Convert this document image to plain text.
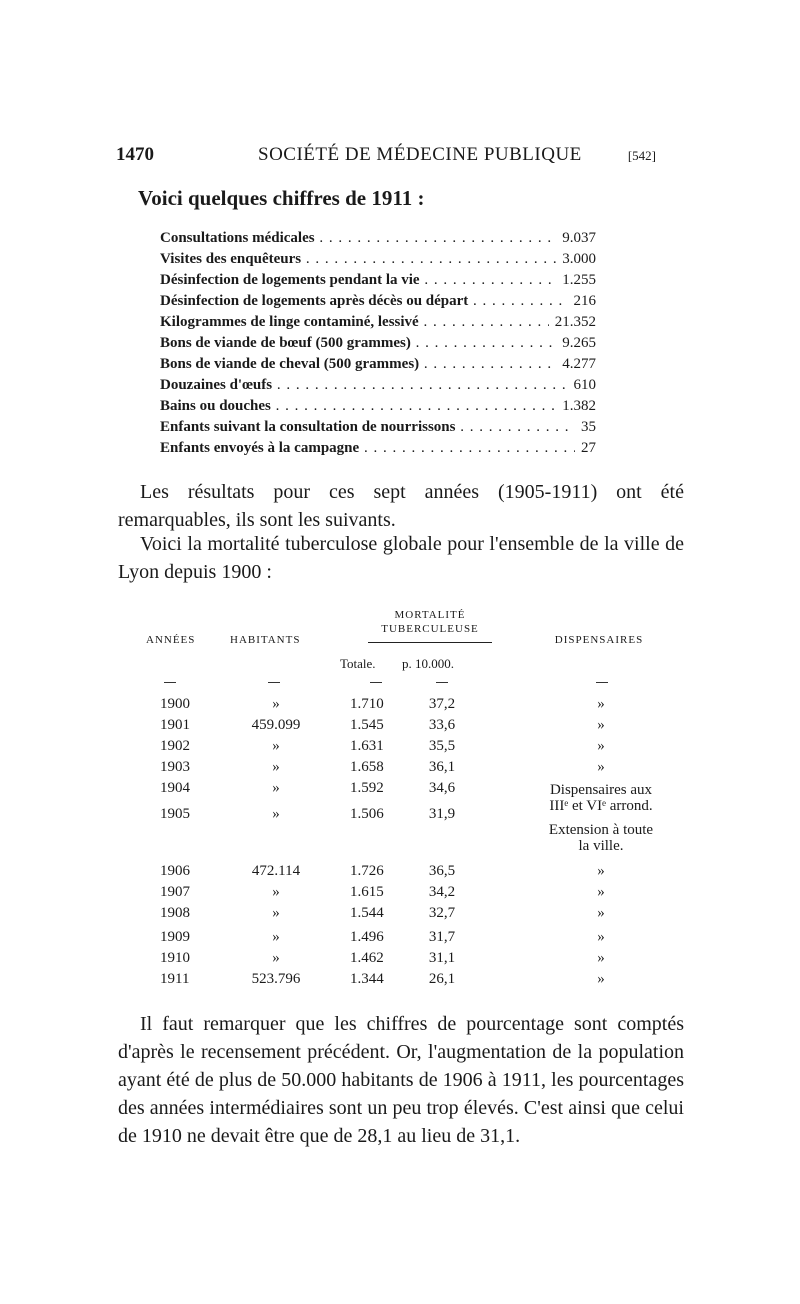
1470	SOCIÉTÉ DE MÉDECINE PUBLIQUE	[542]
Voici quelques chiffres de 1911 :
Consultations médicales . . .	9.037
Visites des enquêteurs . . .	3.000
Désinfection de logements pendant la vie . . .	1.255
Désinfection de logements après décès ou départ . . .	216
Kilogrammes de linge contaminé, lessivé . . .	21.352
Bons de viande de bœuf (500 grammes) . . .	9.265
Bons de viande de cheval (500 grammes) . . .	4.277
Douzaines d'œufs . . .	610
Bains ou douches . . .	1.382
Enfants suivant la consultation de nourrissons . . .	35
Enfants envoyés à la campagne . . .	27

Les résultats pour ces sept années (1905-1911) ont été remarquables, ils sont les suivants.

Voici la mortalité tuberculose globale pour l'ensemble de la ville de Lyon depuis 1900 :

ANNÉES	HABITANTS
MORTALITÉ
TUBERCULEUSE
DISPENSAIRES
Totale. p. 10.000.
1900	»	1.710	37,2	»
1901	459.099	1.545	33,6	»
1902	»	1.631	35,5	»
1903	»	1.658	36,1	»
1904	»	1.592	34,6	Dispensaires aux
IIIᵉ et VIᵉ arrond.
1905	»	1.506	31,9
Extension à toute
la ville.
1906	472.114	1.726	36,5	»
1907	»	1.615	34,2	»
1908	»	1.544	32,7	»
1909	»	1.496	31,7	»
1910	»	1.462	31,1	»
1911	523.796	1.344	26,1	»

Il faut remarquer que les chiffres de pourcentage sont comptés d'après le recensement précédent. Or, l'augmentation de la population ayant été de plus de 50.000 habitants de 1906 à 1911, les pourcentages des années intermédiaires sont un peu trop élevés. C'est ainsi que celui de 1910 ne devait être que de 28,1 au lieu de 31,1.
